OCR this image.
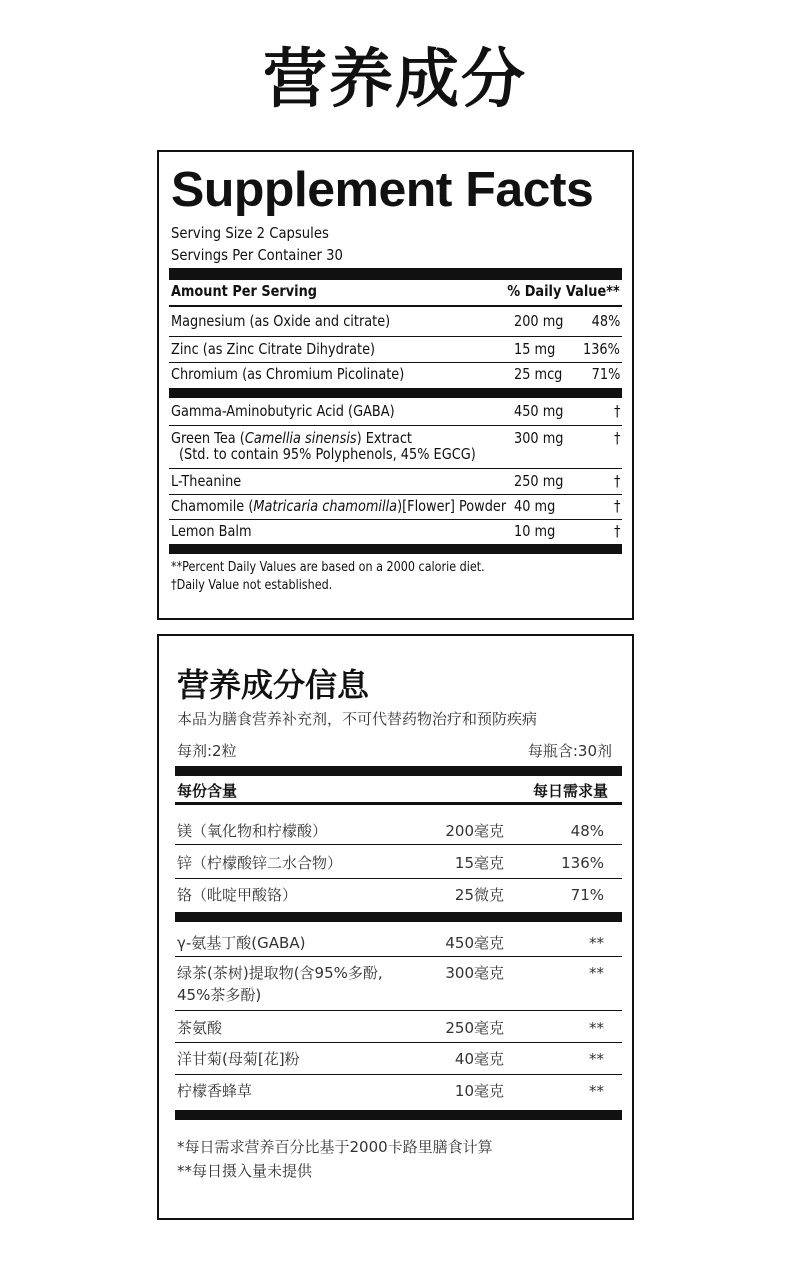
营养成分
Supplement Facts
Serving Size 2 Capsules
Servings Per Container 30
Amount Per Serving	% Daily Value**
Magnesium (as Oxide and citrate)	200 mg 48%
Zinc (as Zinc Citrate Dihydrate)	15 mg 136%
Chromium (as Chromium Picolinate)	25 mcg 71%
Gamma-Aminobutyric Acid (GABA)	450 mg	†
Green Tea (Camellia sinensis) Extract
(Std. to contain 95% Polyphenols, 45% EGCG)
300 mg	†
L-Theanine	250 mg	†
Chamomile (Matricaria chamomilla)[Flower] Powder 40 mg	†
Lemon Balm	10 mg	†
**Percent Daily Values are based on a 2000 calorie diet.
†Daily Value not established.
营养成分信息
本品为膳食营养补充剂，不可代替药物治疗和预防疾病
每剂:2粒	每瓶含:30剂
每份含量	每日需求量
镁（氧化物和柠檬酸）	200毫克	48%
锌（柠檬酸锌二水合物）	15毫克	136%
铬（吡啶甲酸铬）	25微克	71%
γ-氨基丁酸(GABA)	450毫克	**
绿茶(茶树)提取物(含95%多酚,
45%茶多酚)
300毫克	**
茶氨酸	250毫克	**
洋甘菊(母菊[花]粉	40毫克	**
柠檬香蜂草	10毫克	**
*每日需求营养百分比基于2000卡路里膳食计算
**每日摄入量未提供
